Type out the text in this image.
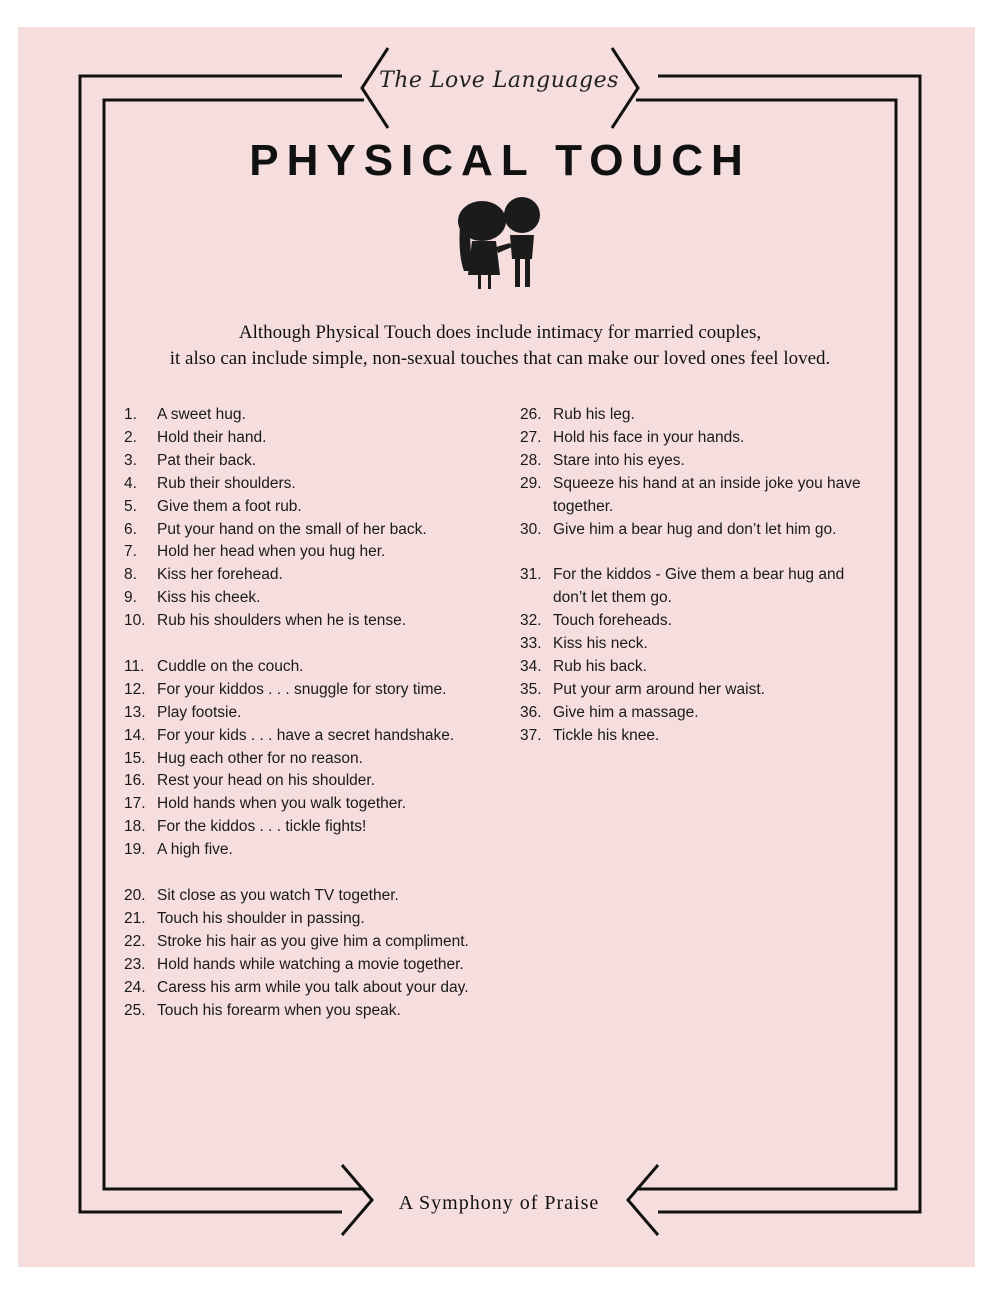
The Love Languages
PHYSICAL TOUCH
Although Physical Touch does include intimacy for married couples,
it also can include simple, non-sexual touches that can make our loved ones feel loved.
1. A sweet hug.
2. Hold their hand.
3. Pat their back.
4. Rub their shoulders.
5. Give them a foot rub.
6. Put your hand on the small of her back.
7. Hold her head when you hug her.
8. Kiss her forehead.
9. Kiss his cheek.
10. Rub his shoulders when he is tense.
11. Cuddle on the couch.
12. For your kiddos . . . snuggle for story time.
13. Play footsie.
14. For your kids . . . have a secret handshake.
15. Hug each other for no reason.
16. Rest your head on his shoulder.
17. Hold hands when you walk together.
18. For the kiddos . . . tickle fights!
19. A high five.
20. Sit close as you watch TV together.
21. Touch his shoulder in passing.
22. Stroke his hair as you give him a compliment.
23. Hold hands while watching a movie together.
24. Caress his arm while you talk about your day.
25. Touch his forearm when you speak.
26. Rub his leg.
27. Hold his face in your hands.
28. Stare into his eyes.
29. Squeeze his hand at an inside joke you have together.
30. Give him a bear hug and don’t let him go.
31. For the kiddos - Give them a bear hug and don’t let them go.
32. Touch foreheads.
33. Kiss his neck.
34. Rub his back.
35. Put your arm around her waist.
36. Give him a massage.
37. Tickle his knee.
A Symphony of Praise
